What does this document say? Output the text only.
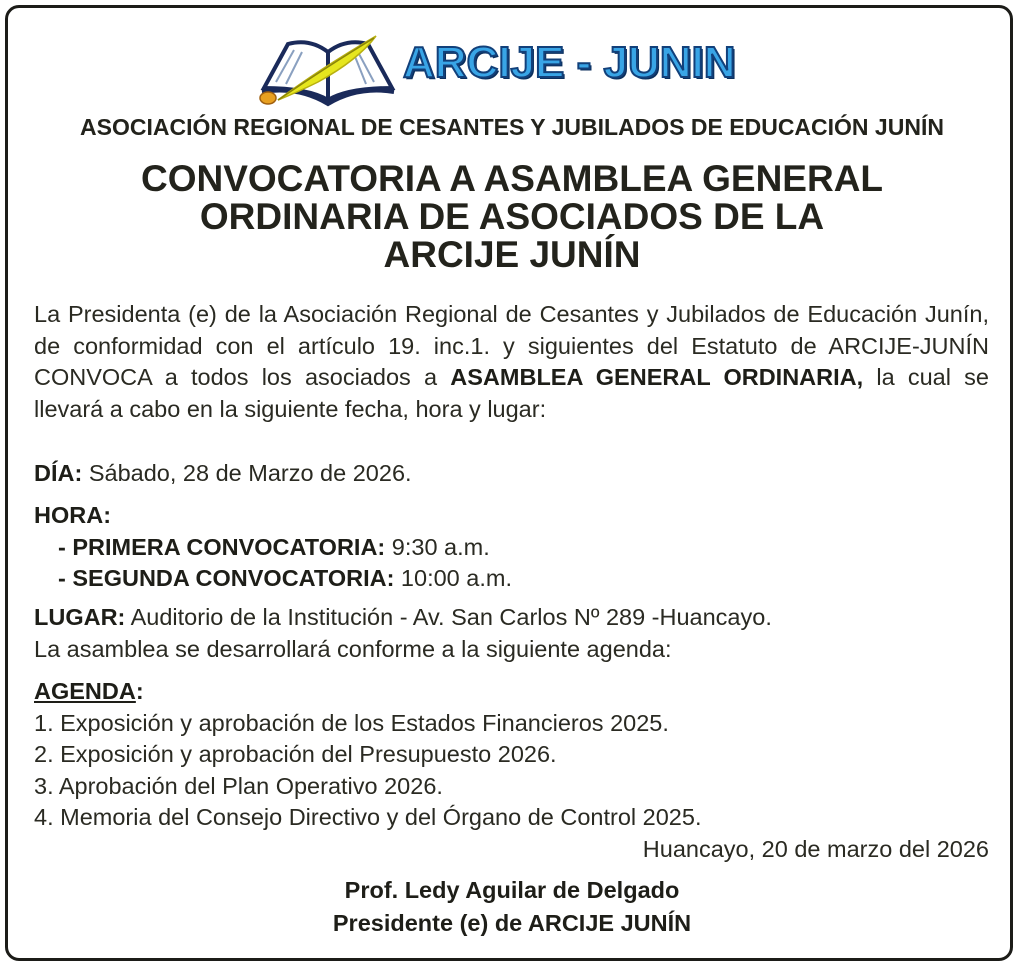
ARCIJE - JUNIN
ASOCIACIÓN REGIONAL DE CESANTES Y JUBILADOS DE EDUCACIÓN JUNÍN
CONVOCATORIA A ASAMBLEA GENERAL
ORDINARIA DE ASOCIADOS DE LA
ARCIJE JUNÍN
La Presidenta (e) de la Asociación Regional de Cesantes y Jubilados de Educación Junín, de conformidad con el artículo 19. inc.1. y siguientes del Estatuto de ARCIJE-JUNÍN CONVOCA a todos los asociados a ASAMBLEA GENERAL ORDINARIA, la cual se llevará a cabo en la siguiente fecha, hora y lugar:
DÍA: Sábado, 28 de Marzo de 2026.
HORA:
- PRIMERA CONVOCATORIA: 9:30 a.m.
- SEGUNDA CONVOCATORIA: 10:00 a.m.
LUGAR: Auditorio de la Institución - Av. San Carlos Nº 289 -Huancayo.
La asamblea se desarrollará conforme a la siguiente agenda:
AGENDA:
1. Exposición y aprobación de los Estados Financieros 2025.
2. Exposición y aprobación del Presupuesto 2026.
3. Aprobación del Plan Operativo 2026.
4. Memoria del Consejo Directivo y del Órgano de Control 2025.
Huancayo, 20 de marzo del 2026
Prof. Ledy Aguilar de Delgado
Presidente (e) de ARCIJE JUNÍN
